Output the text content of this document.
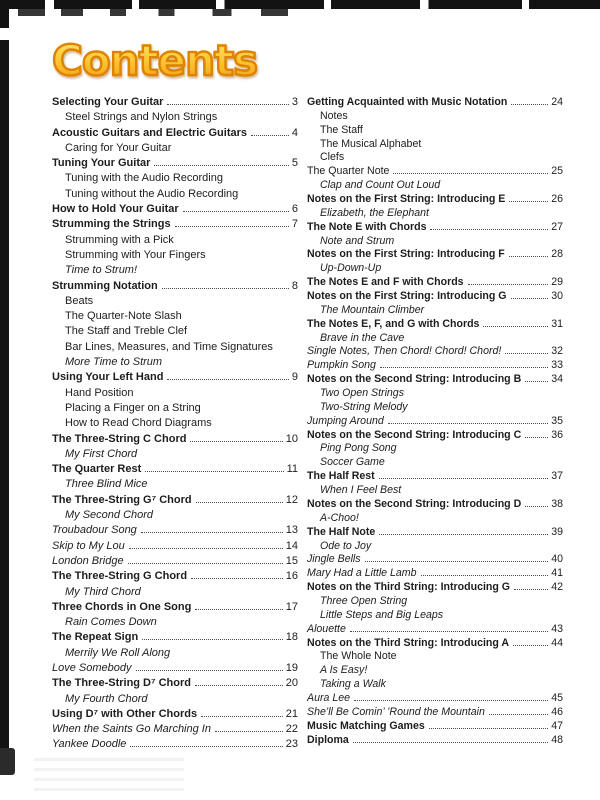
Contents
Selecting Your Guitar	3
Steel Strings and Nylon Strings
Acoustic Guitars and Electric Guitars	4
Caring for Your Guitar
Tuning Your Guitar	5
Tuning with the Audio Recording
Tuning without the Audio Recording
How to Hold Your Guitar	6
Strumming the Strings	7
Strumming with a Pick
Strumming with Your Fingers
Time to Strum!
Strumming Notation	8
Beats
The Quarter-Note Slash
The Staff and Treble Clef
Bar Lines, Measures, and Time Signatures
More Time to Strum
Using Your Left Hand	9
Hand Position
Placing a Finger on a String
How to Read Chord Diagrams
The Three-String C Chord	10
My First Chord
The Quarter Rest	11
Three Blind Mice
The Three-String G⁷ Chord	12
My Second Chord
Troubadour Song	13
Skip to My Lou	14
London Bridge	15
The Three-String G Chord	16
My Third Chord
Three Chords in One Song	17
Rain Comes Down
The Repeat Sign	18
Merrily We Roll Along
Love Somebody	19
The Three-String D⁷ Chord	20
My Fourth Chord
Using D⁷ with Other Chords	21
When the Saints Go Marching In	22
Yankee Doodle	23
Getting Acquainted with Music Notation	24
Notes
The Staff
The Musical Alphabet
Clefs
The Quarter Note	25
Clap and Count Out Loud
Notes on the First String: Introducing E	26
Elizabeth, the Elephant
The Note E with Chords	27
Note and Strum
Notes on the First String: Introducing F	28
Up-Down-Up
The Notes E and F with Chords	29
Notes on the First String: Introducing G	30
The Mountain Climber
The Notes E, F, and G with Chords	31
Brave in the Cave
Single Notes, Then Chord! Chord! Chord!	32
Pumpkin Song	33
Notes on the Second String: Introducing B	34
Two Open Strings
Two-String Melody
Jumping Around	35
Notes on the Second String: Introducing C	36
Ping Pong Song
Soccer Game
The Half Rest	37
When I Feel Best
Notes on the Second String: Introducing D	38
A-Choo!
The Half Note	39
Ode to Joy
Jingle Bells	40
Mary Had a Little Lamb	41
Notes on the Third String: Introducing G	42
Three Open String
Little Steps and Big Leaps
Alouette	43
Notes on the Third String: Introducing A	44
The Whole Note
A Is Easy!
Taking a Walk
Aura Lee	45
She’ll Be Comin’ ’Round the Mountain	46
Music Matching Games	47
Diploma	48
